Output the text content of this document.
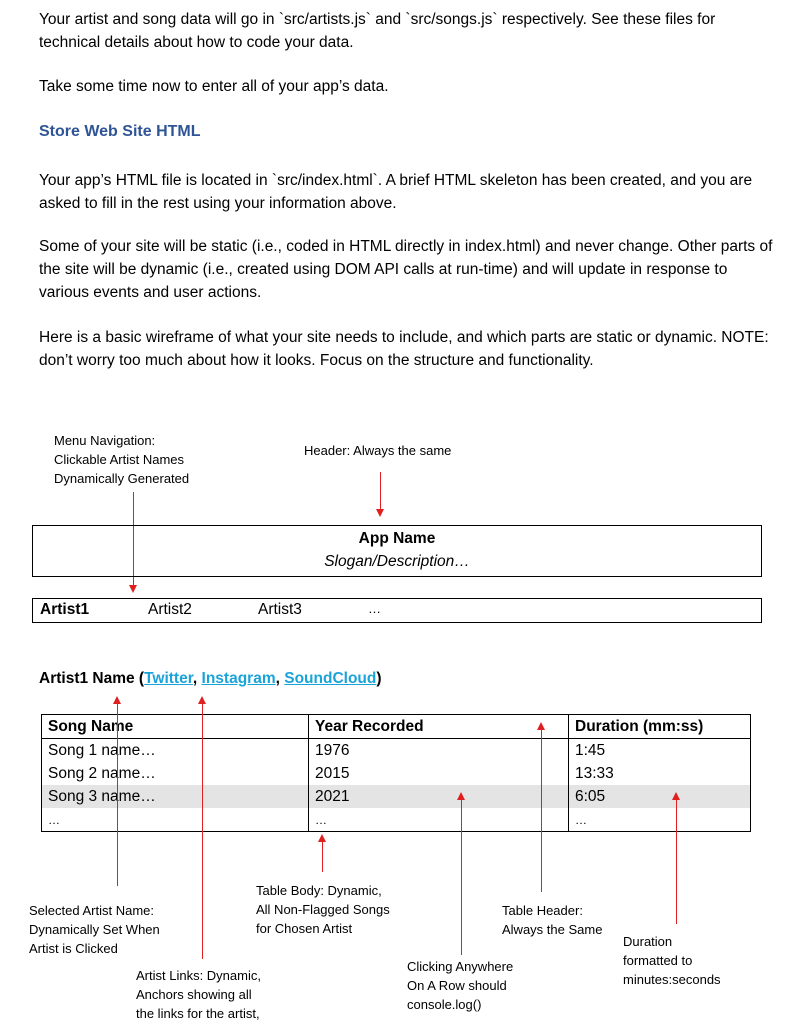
Your artist and song data will go in `src/artists.js` and `src/songs.js` respectively. See these files for technical details about how to code your data.

Take some time now to enter all of your app’s data.

Store Web Site HTML

Your app’s HTML file is located in `src/index.html`. A brief HTML skeleton has been created, and you are asked to fill in the rest using your information above.

Some of your site will be static (i.e., coded in HTML directly in index.html) and never change. Other parts of the site will be dynamic (i.e., created using DOM API calls at run-time) and will update in response to various events and user actions.

Here is a basic wireframe of what your site needs to include, and which parts are static or dynamic. NOTE: don’t worry too much about how it looks. Focus on the structure and functionality.

Menu Navigation:
Clickable Artist Names
Dynamically Generated
Header: Always the same
App Name
Slogan/Description…
Artist1	Artist2	Artist3	…
Artist1 Name (Twitter, Instagram, SoundCloud)
Song Name	Year Recorded	Duration (mm:ss)
Song 1 name…	1976	1:45
Song 2 name…	2015	13:33
Song 3 name…	2021	6:05
…	…	…
Selected Artist Name:
Dynamically Set When
Artist is Clicked
Artist Links: Dynamic,
Anchors showing all
the links for the artist,
Table Body: Dynamic,
All Non-Flagged Songs
for Chosen Artist
Clicking Anywhere
On A Row should
console.log()
Table Header:
Always the Same
Duration
formatted to
minutes:seconds
